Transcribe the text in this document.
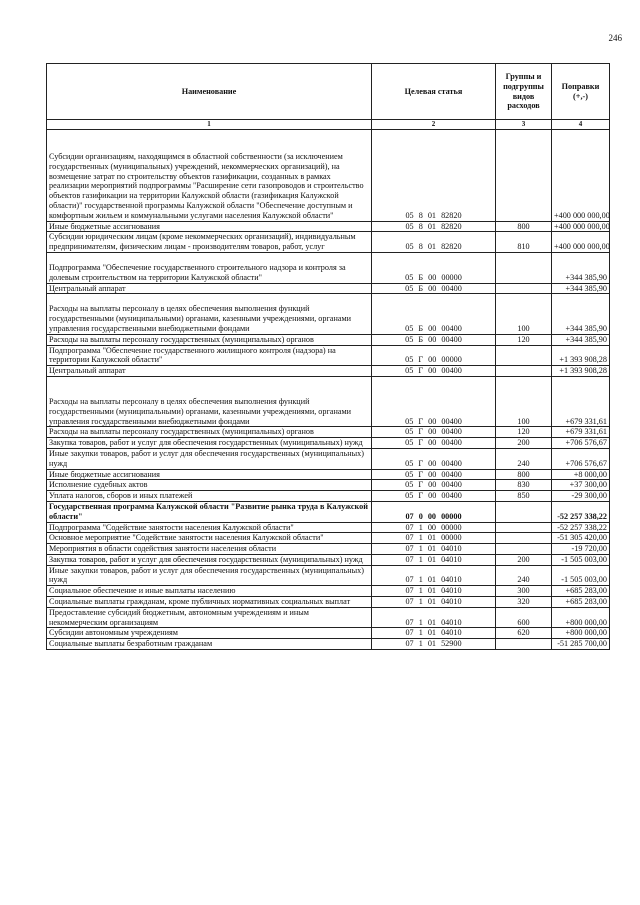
246
Наименование	Целевая статья	Группы и подгруппы видов расходов	Поправки (+,-)
1	2	3	4
Субсидии организациям, находящимся в областной собственности (за исключением государственных (муниципальных) учреждений, некоммерческих организаций), на возмещение затрат по строительству объектов газификации, созданных в рамках реализации мероприятий подпрограммы "Расширение сети газопроводов и строительство объектов газификации на территории Калужской области (газификация Калужской области)" государственной программы Калужской области "Обеспечение доступным и комфортным жильем и коммунальными услугами населения Калужской области"	05 8 01 82820		+400 000 000,00
Иные бюджетные ассигнования	05 8 01 82820	800	+400 000 000,00
Субсидии юридическим лицам (кроме некоммерческих организаций), индивидуальным предпринимателям, физическим лицам - производителям товаров, работ, услуг	05 8 01 82820	810	+400 000 000,00
Подпрограмма "Обеспечение государственного строительного надзора и контроля за долевым строительством на территории Калужской области"	05 Б 00 00000		+344 385,90
Центральный аппарат	05 Б 00 00400		+344 385,90
Расходы на выплаты персоналу в целях обеспечения выполнения функций государственными (муниципальными) органами, казенными учреждениями, органами управления государственными внебюджетными фондами	05 Б 00 00400	100	+344 385,90
Расходы на выплаты персоналу государственных (муниципальных) органов	05 Б 00 00400	120	+344 385,90
Подпрограмма "Обеспечение государственного жилищного контроля (надзора) на территории Калужской области"	05 Г 00 00000		+1 393 908,28
Центральный аппарат	05 Г 00 00400		+1 393 908,28
Расходы на выплаты персоналу в целях обеспечения выполнения функций государственными (муниципальными) органами, казенными учреждениями, органами управления государственными внебюджетными фондами	05 Г 00 00400	100	+679 331,61
Расходы на выплаты персоналу государственных (муниципальных) органов	05 Г 00 00400	120	+679 331,61
Закупка товаров, работ и услуг для обеспечения государственных (муниципальных) нужд	05 Г 00 00400	200	+706 576,67
Иные закупки товаров, работ и услуг для обеспечения государственных (муниципальных) нужд	05 Г 00 00400	240	+706 576,67
Иные бюджетные ассигнования	05 Г 00 00400	800	+8 000,00
Исполнение судебных актов	05 Г 00 00400	830	+37 300,00
Уплата налогов, сборов и иных платежей	05 Г 00 00400	850	-29 300,00
Государственная программа Калужской области "Развитие рынка труда в Калужской области"	07 0 00 00000		-52 257 338,22
Подпрограмма "Содействие занятости населения Калужской области"	07 1 00 00000		-52 257 338,22
Основное мероприятие "Содействие занятости населения Калужской области"	07 1 01 00000		-51 305 420,00
Мероприятия в области содействия занятости населения области	07 1 01 04010		-19 720,00
Закупка товаров, работ и услуг для обеспечения государственных (муниципальных) нужд	07 1 01 04010	200	-1 505 003,00
Иные закупки товаров, работ и услуг для обеспечения государственных (муниципальных) нужд	07 1 01 04010	240	-1 505 003,00
Социальное обеспечение и иные выплаты населению	07 1 01 04010	300	+685 283,00
Социальные выплаты гражданам, кроме публичных нормативных социальных выплат	07 1 01 04010	320	+685 283,00
Предоставление субсидий бюджетным, автономным учреждениям и иным некоммерческим организациям	07 1 01 04010	600	+800 000,00
Субсидии автономным учреждениям	07 1 01 04010	620	+800 000,00
Социальные выплаты безработным гражданам	07 1 01 52900		-51 285 700,00
